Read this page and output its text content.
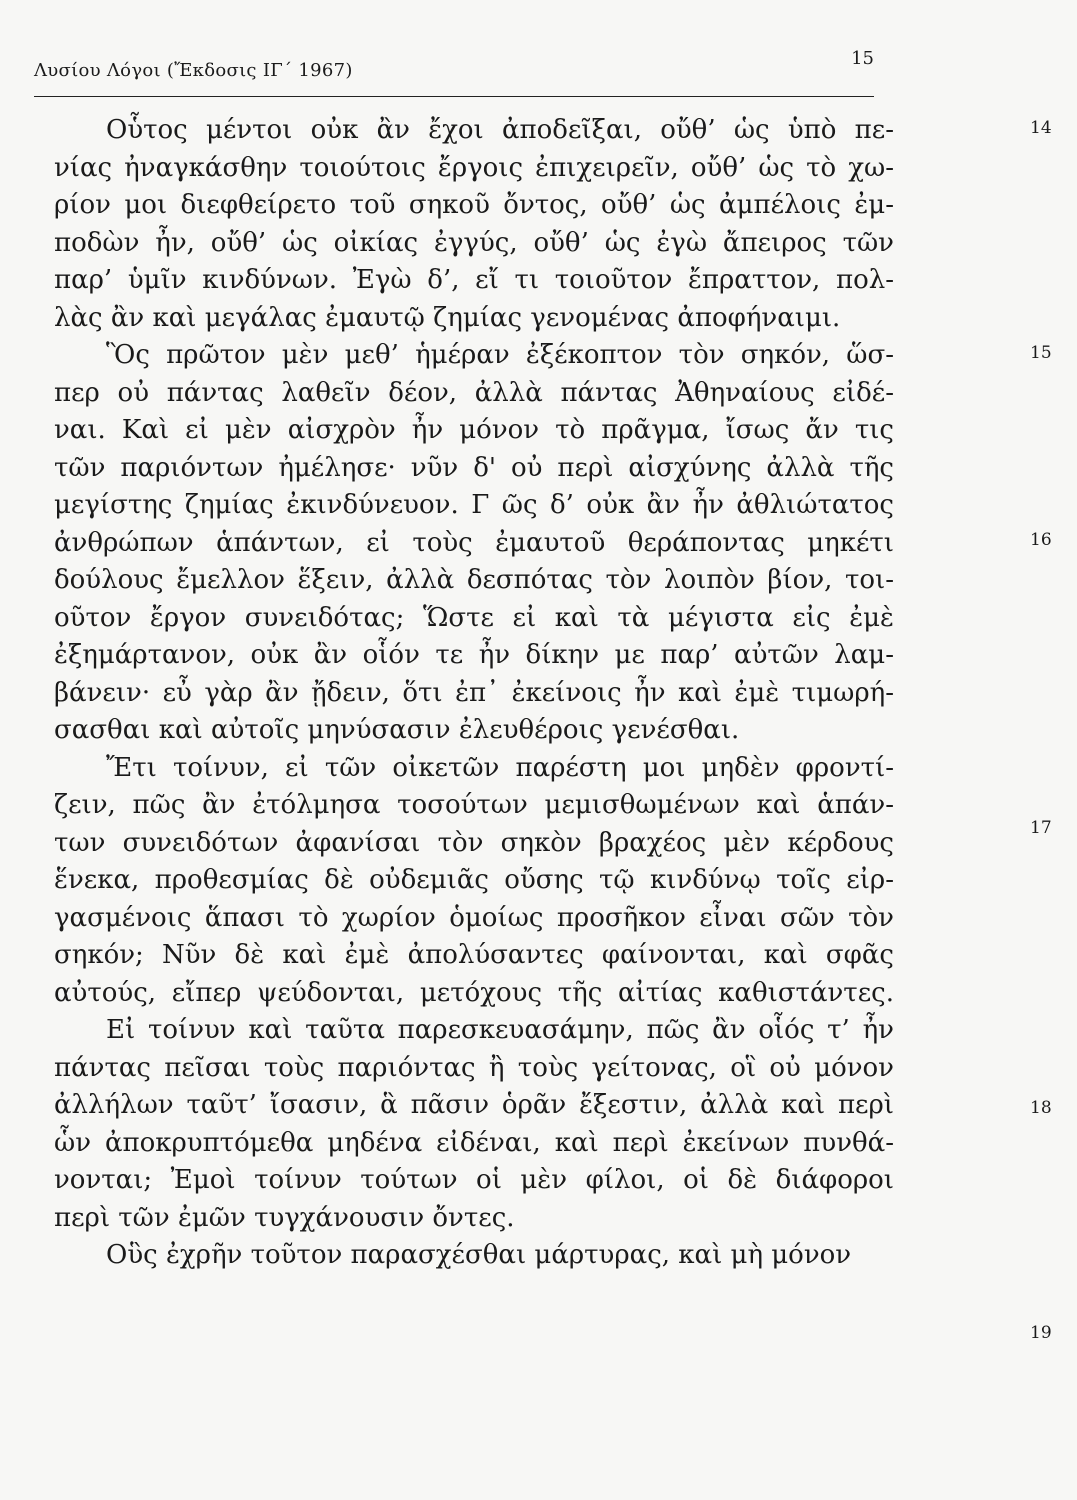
Λυσίου Λόγοι (Ἔκδοσις ΙΓ΄ 1967)
15
Οὗτος μέντοι οὐκ ἂν ἔχοι ἀποδεῖξαι, οὔθ’ ὡς ὑπὸ πε-
νίας ἠναγκάσθην τοιούτοις ἔργοις ἐπιχειρεῖν, οὔθ’ ὡς τὸ χω-
ρίον μοι διεφθείρετο τοῦ σηκοῦ ὄντος, οὔθ’ ὡς ἀμπέλοις ἐμ-
ποδὼν ἦν, οὔθ’ ὡς οἰκίας ἐγγύς, οὔθ’ ὡς ἐγὼ ἄπειρος τῶν
παρ’ ὑμῖν κινδύνων. Ἐγὼ δ’, εἴ τι τοιοῦτον ἔπραττον, πολ-
λὰς ἂν καὶ μεγάλας ἐμαυτῷ ζημίας γενομένας ἀποφήναιμι.
Ὃς πρῶτον μὲν μεθ’ ἡμέραν ἐξέκοπτον τὸν σηκόν, ὥσ-
περ οὐ πάντας λαθεῖν δέον, ἀλλὰ πάντας Ἀθηναίους εἰδέ-
ναι. Καὶ εἰ μὲν αἰσχρὸν ἦν μόνον τὸ πρᾶγμα, ἴσως ἄν τις
τῶν παριόντων ἠμέλησε· νῦν δ' οὐ περὶ αἰσχύνης ἀλλὰ τῆς
μεγίστης ζημίας ἐκινδύνευον. Γ ῶς δ’ οὐκ ἂν ἦν ἀθλιώτατος
ἀνθρώπων ἁπάντων, εἰ τοὺς ἐμαυτοῦ θεράποντας μηκέτι
δούλους ἔμελλον ἕξειν, ἀλλὰ δεσπότας τὸν λοιπὸν βίον, τοι-
οῦτον ἔργον συνειδότας; Ὥστε εἰ καὶ τὰ μέγιστα εἰς ἐμὲ
ἐξημάρτανον, οὐκ ἂν οἷόν τε ἦν δίκην με παρ’ αὐτῶν λαμ-
βάνειν· εὖ γὰρ ἂν ᾔδειν, ὅτι ἐπ᾽ ἐκείνοις ἦν καὶ ἐμὲ τιμωρή-
σασθαι καὶ αὐτοῖς μηνύσασιν ἐλευθέροις γενέσθαι.
Ἔτι τοίνυν, εἰ τῶν οἰκετῶν παρέστη μοι μηδὲν φροντί-
ζειν, πῶς ἂν ἐτόλμησα τοσούτων μεμισθωμένων καὶ ἁπάν-
των συνειδότων ἀφανίσαι τὸν σηκὸν βραχέος μὲν κέρδους
ἕνεκα, προθεσμίας δὲ οὐδεμιᾶς οὔσης τῷ κινδύνῳ τοῖς εἰρ-
γασμένοις ἅπασι τὸ χωρίον ὁμοίως προσῆκον εἶναι σῶν τὸν
σηκόν; Νῦν δὲ καὶ ἐμὲ ἀπολύσαντες φαίνονται, καὶ σφᾶς
αὐτούς, εἴπερ ψεύδονται, μετόχους τῆς αἰτίας καθιστάντες.
Εἰ τοίνυν καὶ ταῦτα παρεσκευασάμην, πῶς ἂν οἷός τ’ ἦν
πάντας πεῖσαι τοὺς παριόντας ἢ τοὺς γείτονας, οἳ οὐ μόνον
ἀλλήλων ταῦτ’ ἴσασιν, ἃ πᾶσιν ὁρᾶν ἔξεστιν, ἀλλὰ καὶ περὶ
ὧν ἀποκρυπτόμεθα μηδένα εἰδέναι, καὶ περὶ ἐκείνων πυνθά-
νονται; Ἐμοὶ τοίνυν τούτων οἱ μὲν φίλοι, οἱ δὲ διάφοροι
περὶ τῶν ἐμῶν τυγχάνουσιν ὄντες.
Οὓς ἐχρῆν τοῦτον παρασχέσθαι μάρτυρας, καὶ μὴ μόνον
14
15
16
17
18
19
